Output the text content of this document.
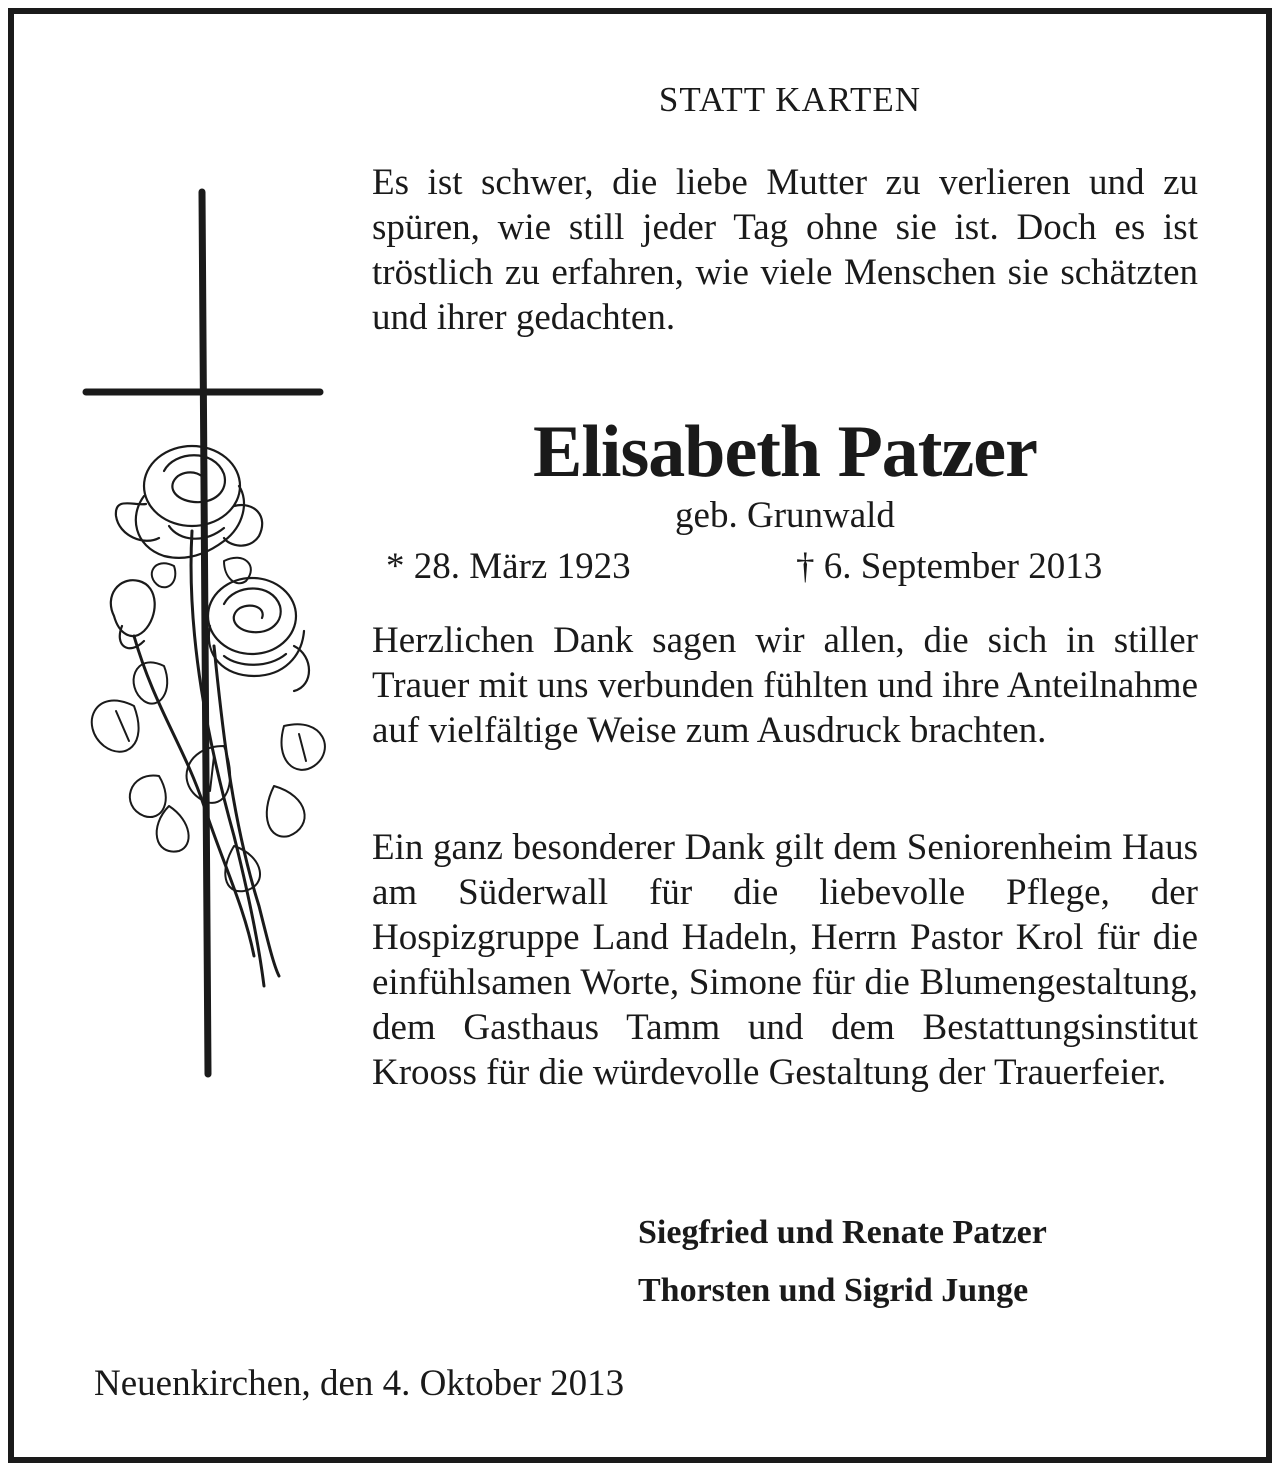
STATT KARTEN

Es ist schwer, die liebe Mutter zu verlieren und zu spüren, wie still jeder Tag ohne sie ist. Doch es ist tröstlich zu erfahren, wie viele Menschen sie schätzten und ihrer gedachten.

Elisabeth Patzer
geb. Grunwald
* 28. März 1923	† 6. September 2013

Herzlichen Dank sagen wir allen, die sich in stiller Trauer mit uns verbunden fühlten und ihre Anteilnahme auf vielfältige Weise zum Ausdruck brachten.

Ein ganz besonderer Dank gilt dem Seniorenheim Haus am Süderwall für die liebevolle Pflege, der Hospizgruppe Land Hadeln, Herrn Pastor Krol für die einfühlsamen Worte, Simone für die Blumengestaltung, dem Gasthaus Tamm und dem Bestattungsinstitut Krooss für die würdevolle Gestaltung der Trauerfeier.

Siegfried und Renate Patzer
Thorsten und Sigrid Junge
Neuenkirchen, den 4. Oktober 2013
